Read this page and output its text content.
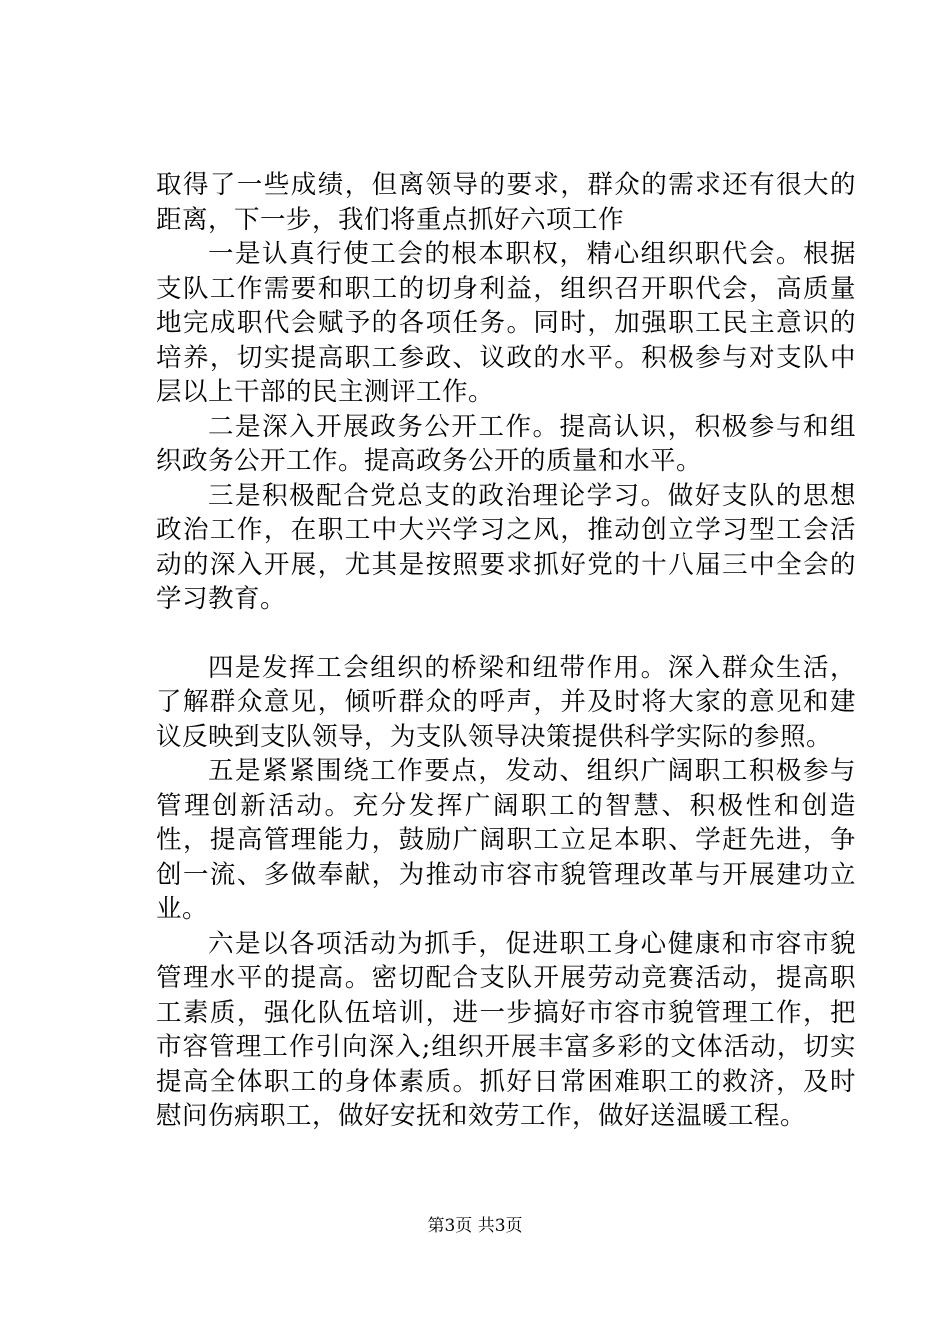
取得了一些成绩，但离领导的要求，群众的需求还有很大的距离，下一步，我们将重点抓好六项工作

一是认真行使工会的根本职权，精心组织职代会。根据支队工作需要和职工的切身利益，组织召开职代会，高质量地完成职代会赋予的各项任务。同时，加强职工民主意识的培养，切实提高职工参政、议政的水平。积极参与对支队中层以上干部的民主测评工作。

二是深入开展政务公开工作。提高认识，积极参与和组织政务公开工作。提高政务公开的质量和水平。

三是积极配合党总支的政治理论学习。做好支队的思想政治工作，在职工中大兴学习之风，推动创立学习型工会活动的深入开展，尤其是按照要求抓好党的十八届三中全会的学习教育。

四是发挥工会组织的桥梁和纽带作用。深入群众生活，了解群众意见，倾听群众的呼声，并及时将大家的意见和建议反映到支队领导，为支队领导决策提供科学实际的参照。

五是紧紧围绕工作要点，发动、组织广阔职工积极参与管理创新活动。充分发挥广阔职工的智慧、积极性和创造性，提高管理能力，鼓励广阔职工立足本职、学赶先进，争创一流、多做奉献，为推动市容市貌管理改革与开展建功立业。

六是以各项活动为抓手，促进职工身心健康和市容市貌管理水平的提高。密切配合支队开展劳动竞赛活动，提高职工素质，强化队伍培训，进一步搞好市容市貌管理工作，把市容管理工作引向深入;组织开展丰富多彩的文体活动，切实提高全体职工的身体素质。抓好日常困难职工的救济，及时慰问伤病职工，做好安抚和效劳工作，做好送温暖工程。

第3页 共3页
